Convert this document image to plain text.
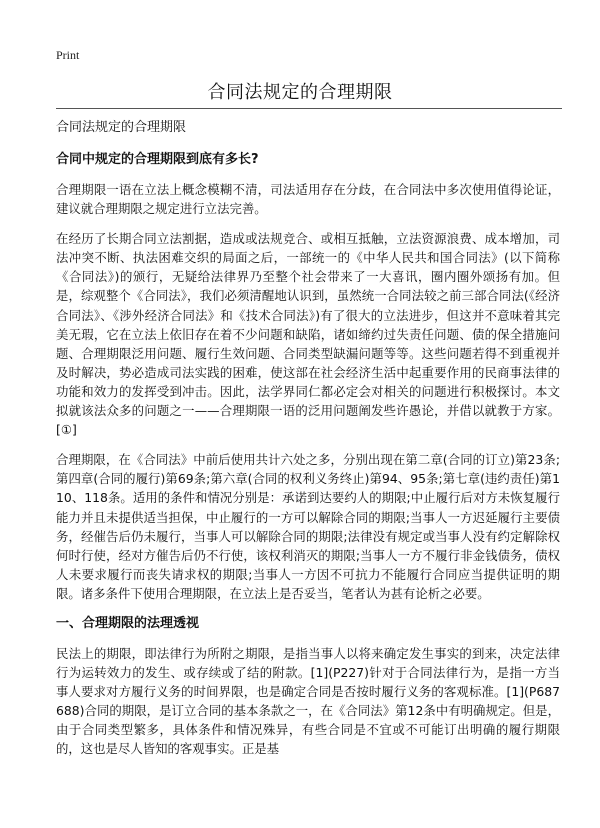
Print
合同法规定的合理期限

合同法规定的合理期限

合同中规定的合理期限到底有多长?

合理期限一语在立法上概念模糊不清，司法适用存在分歧，在合同法中多次使用值得论证，建议就合理期限之规定进行立法完善。

在经历了长期合同立法割据，造成或法规竞合、或相互抵触，立法资源浪费、成本增加，司法冲突不断、执法困难交织的局面之后，一部统一的《中华人民共和国合同法》(以下简称《合同法》)的颁行，无疑给法律界乃至整个社会带来了一大喜讯，圈内圈外颂扬有加。但是，综观整个《合同法》，我们必须清醒地认识到，虽然统一合同法较之前三部合同法(《经济合同法》、《涉外经济合同法》和《技术合同法》)有了很大的立法进步，但这并不意味着其完美无瑕，它在立法上依旧存在着不少问题和缺陷，诸如缔约过失责任问题、债的保全措施问题、合理期限泛用问题、履行生效问题、合同类型缺漏问题等等。这些问题若得不到重视并及时解决，势必造成司法实践的困难，使这部在社会经济生活中起重要作用的民商事法律的功能和效力的发挥受到冲击。因此，法学界同仁都必定会对相关的问题进行积极探讨。本文拟就该法众多的问题之一——合理期限一语的泛用问题阐发些许愚论，并借以就教于方家。[①]

合理期限，在《合同法》中前后使用共计六处之多，分别出现在第二章(合同的订立)第23条;第四章(合同的履行)第69条;第六章(合同的权利义务终止)第94、95条;第七章(违约责任)第110、118条。适用的条件和情况分别是：承诺到达要约人的期限;中止履行后对方未恢复履行能力并且未提供适当担保，中止履行的一方可以解除合同的期限;当事人一方迟延履行主要债务，经催告后仍未履行，当事人可以解除合同的期限;法律没有规定或当事人没有约定解除权何时行使，经对方催告后仍不行使，该权利消灭的期限;当事人一方不履行非金钱债务，债权人未要求履行而丧失请求权的期限;当事人一方因不可抗力不能履行合同应当提供证明的期限。诸多条件下使用合理期限，在立法上是否妥当，笔者认为甚有论析之必要。

一、合理期限的法理透视

民法上的期限，即法律行为所附之期限，是指当事人以将来确定发生事实的到来，决定法律行为运转效力的发生、或存续或了结的附款。[1](P227)针对于合同法律行为，是指一方当事人要求对方履行义务的时间界限，也是确定合同是否按时履行义务的客观标准。[1](P687688)合同的期限，是订立合同的基本条款之一，在《合同法》第12条中有明确规定。但是，由于合同类型繁多，具体条件和情况殊异，有些合同是不宜或不可能订出明确的履行期限的，这也是尽人皆知的客观事实。正是基
